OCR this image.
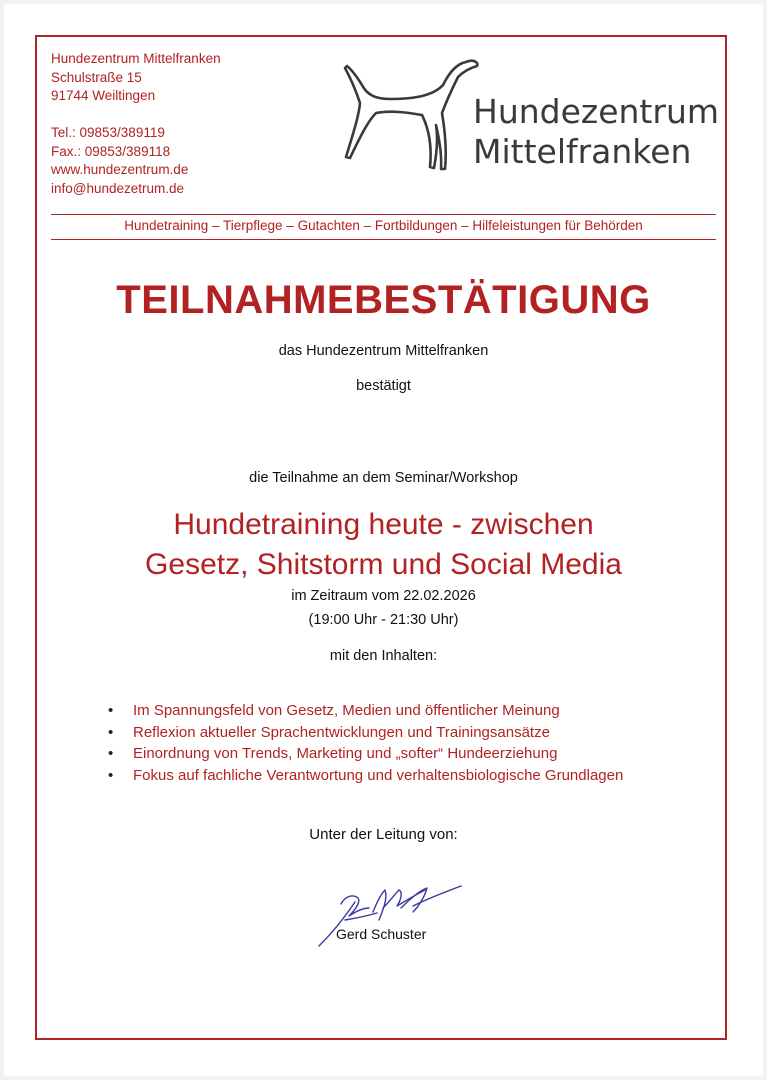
Hundezentrum Mittelfranken
Schulstraße 15
91744 Weiltingen
Tel.: 09853/389119
Fax.: 09853/389118
www.hundezentrum.de
info@hundezetrum.de
Hundezentrum
Mittelfranken
Hundetraining – Tierpflege – Gutachten – Fortbildungen – Hilfeleistungen für Behörden
TEILNAHMEBESTÄTIGUNG
das Hundezentrum Mittelfranken
bestätigt
die Teilnahme an dem Seminar/Workshop
Hundetraining heute - zwischen
Gesetz, Shitstorm und Social Media
im Zeitraum vom 22.02.2026
(19:00 Uhr - 21:30 Uhr)
mit den Inhalten:
• Im Spannungsfeld von Gesetz, Medien und öffentlicher Meinung
• Reflexion aktueller Sprachentwicklungen und Trainingsansätze
• Einordnung von Trends, Marketing und „softer“ Hundeerziehung
• Fokus auf fachliche Verantwortung und verhaltensbiologische Grundlagen
Unter der Leitung von:
Gerd Schuster
